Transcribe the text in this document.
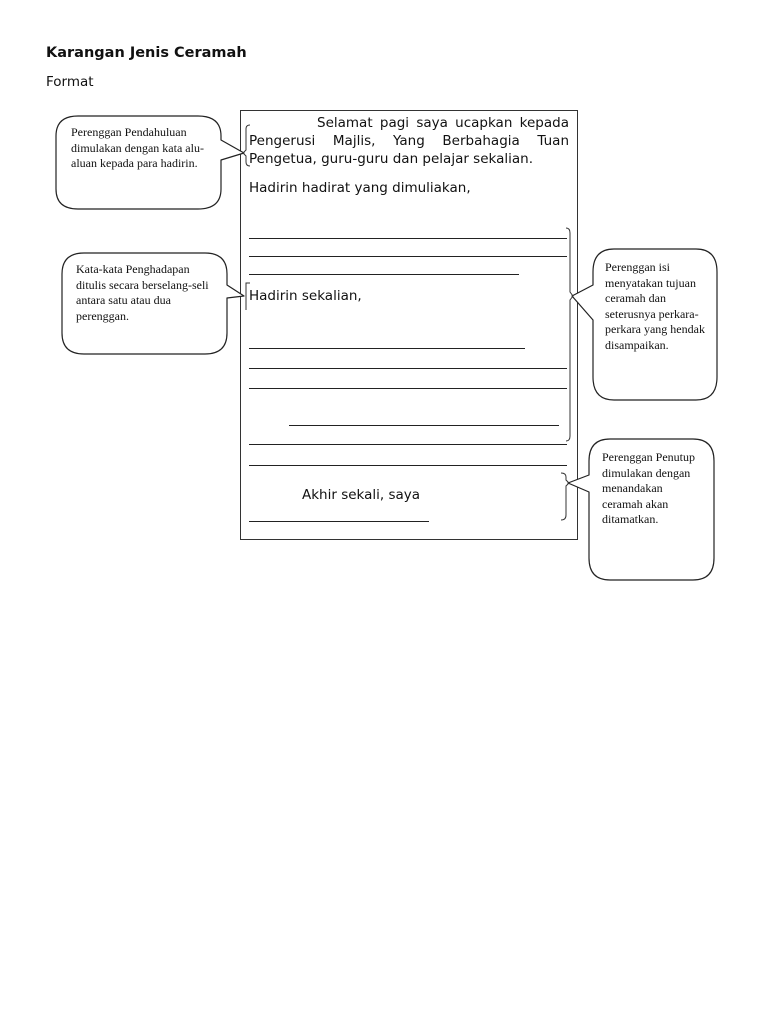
Karangan Jenis Ceramah
Format
Selamat pagi saya ucapkan kepada Pengerusi Majlis, Yang Berbahagia Tuan Pengetua, guru-guru dan pelajar sekalian.
Hadirin hadirat yang dimuliakan,
Hadirin sekalian,
Akhir sekali, saya
Perenggan Pendahuluan dimulakan dengan kata alu-aluan kepada para hadirin.
Kata-kata Penghadapan ditulis secara berselang-seli antara satu atau dua perenggan.
Perenggan isi menyatakan tujuan ceramah dan seterusnya perkara-perkara yang hendak disampaikan.
Perenggan Penutup dimulakan dengan menandakan ceramah akan ditamatkan.
